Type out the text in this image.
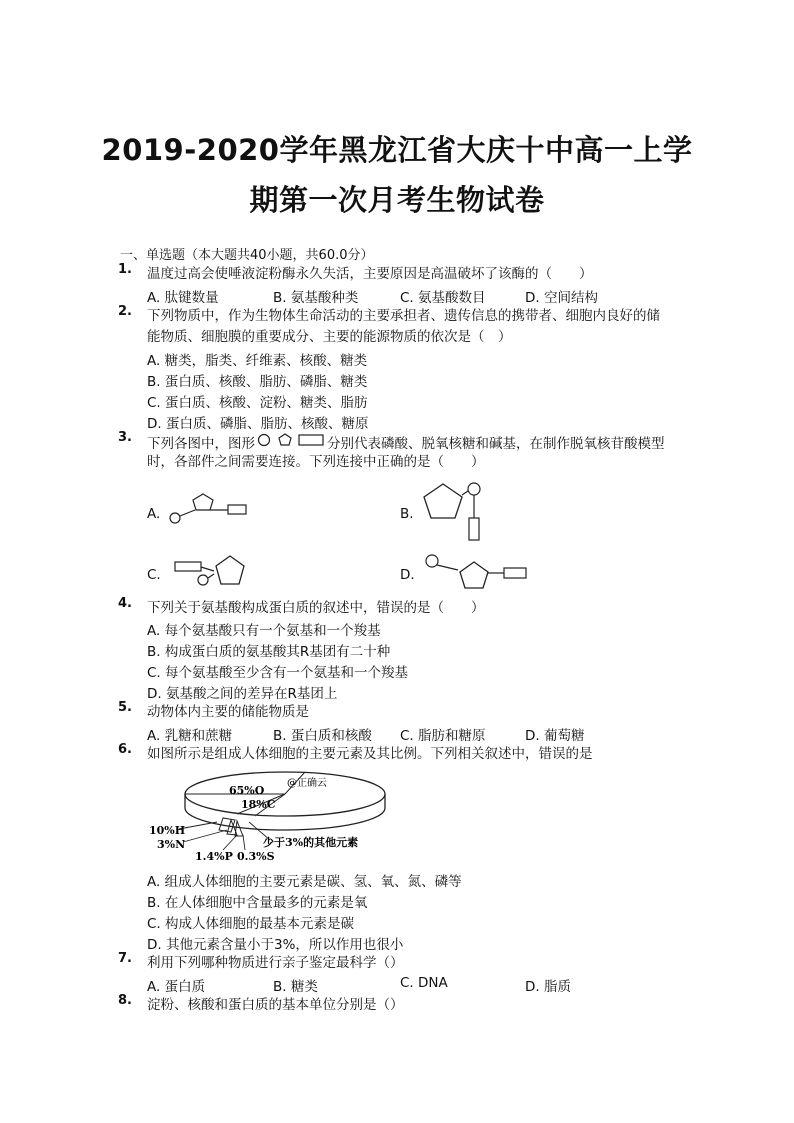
2019-2020学年黑龙江省大庆十中高一上学
期第一次月考生物试卷
一、单选题（本大题共40小题，共60.0分）
1. 温度过高会使唾液淀粉酶永久失活，主要原因是高温破坏了该酶的（　　）
A. 肽键数量	B. 氨基酸种类	C. 氨基酸数目	D. 空间结构
2. 下列物质中，作为生物体生命活动的主要承担者、遗传信息的携带者、细胞内良好的储
能物质、细胞膜的重要成分、主要的能源物质的依次是（　）
A. 糖类，脂类、纤维素、核酸、糖类
B. 蛋白质、核酸、脂肪、磷脂、糖类
C. 蛋白质、核酸、淀粉、糖类、脂肪
D. 蛋白质、磷脂、脂肪、核酸、糖原
3. 下列各图中，图形	分别代表磷酸、脱氧核糖和碱基，在制作脱氧核苷酸模型
时，各部件之间需要连接。下列连接中正确的是（　　）
A.	B.
C.	D.
4. 下列关于氨基酸构成蛋白质的叙述中，错误的是（　　）
A. 每个氨基酸只有一个氨基和一个羧基
B. 构成蛋白质的氨基酸其R基团有二十种
C. 每个氨基酸至少含有一个氨基和一个羧基
D. 氨基酸之间的差异在R基团上
5. 动物体内主要的储能物质是
A. 乳糖和蔗糖	B. 蛋白质和核酸 C. 脂肪和糖原	D. 葡萄糖
6. 如图所示是组成人体细胞的主要元素及其比例。下列相关叙述中，错误的是
65%O
18%C
@正确云
10%H
3%N
1.4%P 0.3%S
少于3%的其他元素
A. 组成人体细胞的主要元素是碳、氢、氧、氮、磷等
B. 在人体细胞中含量最多的元素是氧
C. 构成人体细胞的最基本元素是碳
D. 其他元素含量小于3%，所以作用也很小
7. 利用下列哪种物质进行亲子鉴定最科学（）
A. 蛋白质	B. 糖类	C. DNA	D. 脂质
8. 淀粉、核酸和蛋白质的基本单位分别是（）
